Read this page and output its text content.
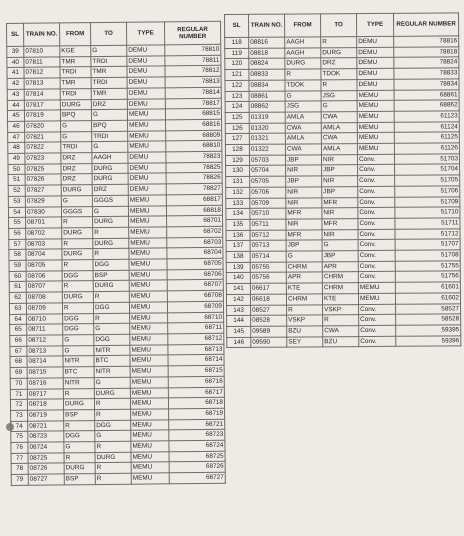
SL	TRAIN NO.	FROM	TO	TYPE	REGULAR NUMBER
39	07810	KGE	G	DEMU	78810
40	07811	TMR	TRDI	DEMU	78811
41	07812	TRDI	TMR	DEMU	78812
42	07813	TMR	TRDI	DEMU	78813
43	07814	TRDI	TMR	DEMU	78814
44	07817	DURG	DRZ	DEMU	78817
45	07819	BPQ	G	MEMU	68815
46	07820	G	BPQ	MEMU	68816
47	07821	G	TRDI	MEMU	68809
48	07822	TRDI	G	MEMU	68810
49	07823	DRZ	AAGH	DEMU	78823
50	07825	DRZ	DURG	DEMU	78825
51	07826	DRZ	DURG	DEMU	78826
52	07827	DURG	DRZ	DEMU	78827
53	07829	G	GGGS	MEMU	68817
54	07830	GGGS	G	MEMU	68818
55	08701	R	DURG	MEMU	68701
56	08702	DURG	R	MEMU	68702
57	08703	R	DURG	MEMU	68703
58	08704	DURG	R	MEMU	68704
59	08705	R	DGG	MEMU	68705
60	08706	DGG	BSP	MEMU	68706
61	08707	R	DURG	MEMU	68707
62	08708	DURG	R	MEMU	68708
63	08709	R	DGG	MEMU	68709
64	08710	DGG	R	MEMU	68710
65	08711	DGG	G	MEMU	68711
66	08712	G	DGG	MEMU	68712
67	08713	G	NITR	MEMU	68713
68	08714	NITR	BTC	MEMU	68714
69	08715	BTC	NITR	MEMU	68715
70	08716	NITR	G	MEMU	68716
71	08717	R	DURG	MEMU	68717
72	08718	DURG	R	MEMU	68718
73	08719	BSP	R	MEMU	68719
74	08721	R	DGG	MEMU	68721
75	08723	DGG	G	MEMU	68723
76	08724	G	R	MEMU	68724
77	08725	R	DURG	MEMU	68725
78	08726	DURG	R	MEMU	68726
79	08727	BSP	R	MEMU	68727
SL	TRAIN NO.	FROM	TO	TYPE	REGULAR NUMBER
118	08816	AAGH	R	DEMU	78816
119	08818	AAGH	DURG	DEMU	78818
120	08824	DURG	DRZ	DEMU	78824
121	08833	R	TDOK	DEMU	78833
122	08834	TDOK	R	DEMU	78834
123	08861	G	JSG	MEMU	68861
124	08862	JSG	G	MEMU	68862
125	01319	AMLA	CWA	MEMU	61123
126	01320	CWA	AMLA	MEMU	61124
127	01321	AMLA	CWA	MEMU	61125
128	01322	CWA	AMLA	MEMU	61126
129	05703	JBP	NIR	Conv.	51703
130	05704	NIR	JBP	Conv.	51704
131	05705	JBP	NIR	Conv.	51705
132	05706	NIR	JBP	Conv.	51706
133	05709	NIR	MFR	Conv.	51709
134	05710	MFR	NIR	Conv.	51710
135	05711	NIR	MFR	Conv.	51711
136	05712	MFR	NIR	Conv.	51712
137	05713	JBP	G	Conv.	51707
138	05714	G	JBP	Conv.	51708
139	05755	CHRM	APR	Conv.	51755
140	05756	APR	CHRM	Conv.	51756
141	06617	KTE	CHRM	MEMU	61601
142	06618	CHRM	KTE	MEMU	61602
143	08527	R	VSKP	Conv.	58527
144	08528	VSKP	R	Conv.	58528
145	09589	BZU	CWA	Conv.	59395
146	09590	SEY	BZU	Conv.	59396
